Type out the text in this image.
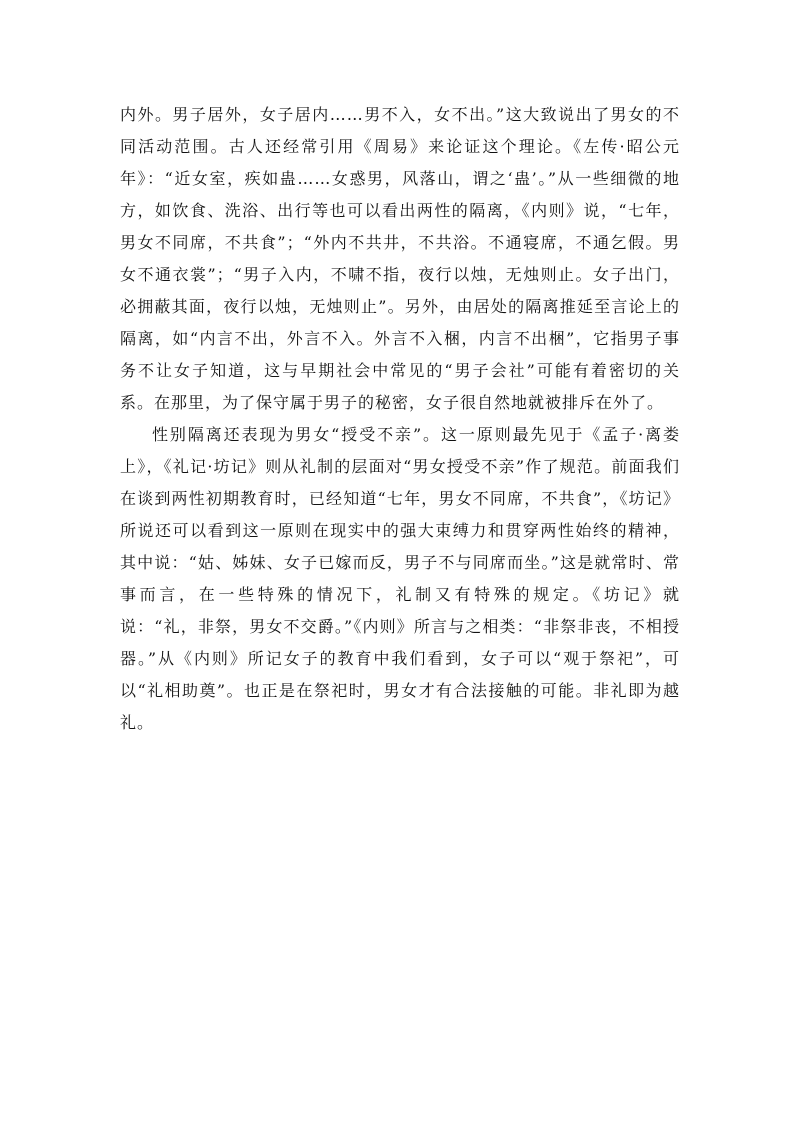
内外。男子居外，女子居内……男不入，女不出。”这大致说出了男女的不同活动范围。古人还经常引用《周易》来论证这个理论。《左传·昭公元年》：“近女室，疾如蛊……女惑男，风落山，谓之‘蛊’。”从一些细微的地方，如饮食、洗浴、出行等也可以看出两性的隔离，《内则》说，“七年，男女不同席，不共食”；“外内不共井，不共浴。不通寝席，不通乞假。男女不通衣裳”；“男子入内，不啸不指，夜行以烛，无烛则止。女子出门，必拥蔽其面，夜行以烛，无烛则止”。另外，由居处的隔离推延至言论上的隔离，如“内言不出，外言不入。外言不入梱，内言不出梱”，它指男子事务不让女子知道，这与早期社会中常见的“男子会社”可能有着密切的关系。在那里，为了保守属于男子的秘密，女子很自然地就被排斥在外了。

性别隔离还表现为男女“授受不亲”。这一原则最先见于《孟子·离娄上》，《礼记·坊记》则从礼制的层面对“男女授受不亲”作了规范。前面我们在谈到两性初期教育时，已经知道“七年，男女不同席，不共食”，《坊记》所说还可以看到这一原则在现实中的强大束缚力和贯穿两性始终的精神，其中说：“姑、姊妹、女子已嫁而反，男子不与同席而坐。”这是就常时、常事而言，在一些特殊的情况下，礼制又有特殊的规定。《坊记》就说：“礼，非祭，男女不交爵。”《内则》所言与之相类：“非祭非丧，不相授器。”从《内则》所记女子的教育中我们看到，女子可以“观于祭祀”，可以“礼相助奠”。也正是在祭祀时，男女才有合法接触的可能。非礼即为越礼。
